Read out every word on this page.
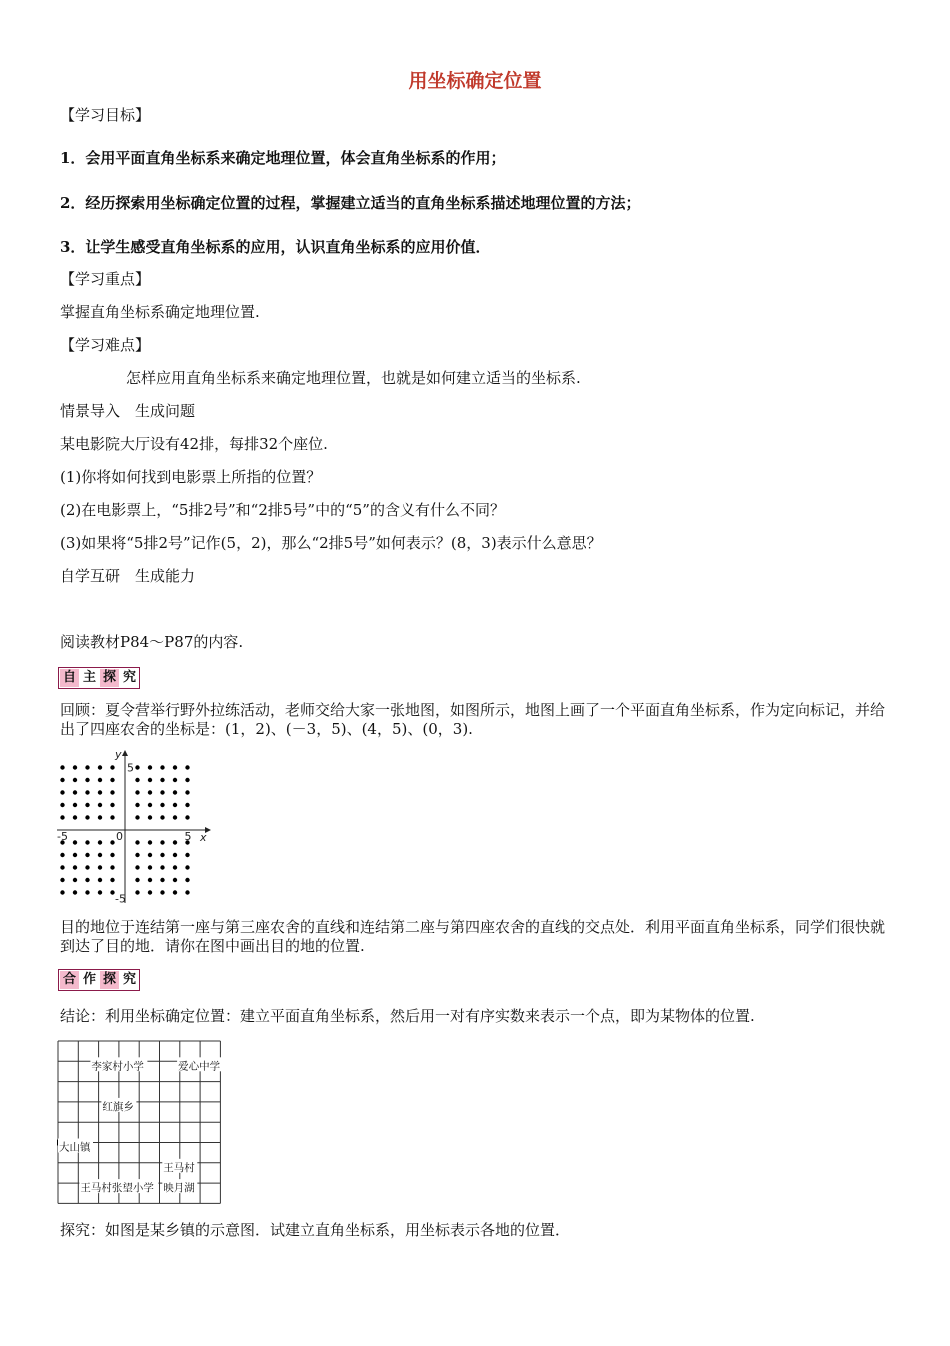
用坐标确定位置
【学习目标】
1．会用平面直角坐标系来确定地理位置，体会直角坐标系的作用；
2．经历探索用坐标确定位置的过程，掌握建立适当的直角坐标系描述地理位置的方法；
3．让学生感受直角坐标系的应用，认识直角坐标系的应用价值．
【学习重点】
掌握直角坐标系确定地理位置.
【学习难点】
怎样应用直角坐标系来确定地理位置，也就是如何建立适当的坐标系.
情景导入　生成问题
某电影院大厅设有42排，每排32个座位.
(1)你将如何找到电影票上所指的位置？
(2)在电影票上，“5排2号”和“2排5号”中的“5”的含义有什么不同？
(3)如果将“5排2号”记作(5，2)，那么“2排5号”如何表示？(8，3)表示什么意思？
自学互研　生成能力
阅读教材P84～P87的内容.
自 主 探 究
回顾：夏令营举行野外拉练活动，老师交给大家一张地图，如图所示，地图上画了一个平面直角坐标系，作为定向标记，并给出了四座农舍的坐标是：(1，2)、(－3，5)、(4，5)、(0，3).
x
y
0
-5	5
5
-5
目的地位于连结第一座与第三座农舍的直线和连结第二座与第四座农舍的直线的交点处．利用平面直角坐标系，同学们很快就到达了目的地．请你在图中画出目的地的位置.
合 作 探 究
结论：利用坐标确定位置：建立平面直角坐标系，然后用一对有序实数来表示一个点，即为某物体的位置.
李家村小学	爱心中学
红旗乡
大山镇
王马村
王马村张望小学 映月湖
探究：如图是某乡镇的示意图．试建立直角坐标系，用坐标表示各地的位置．
